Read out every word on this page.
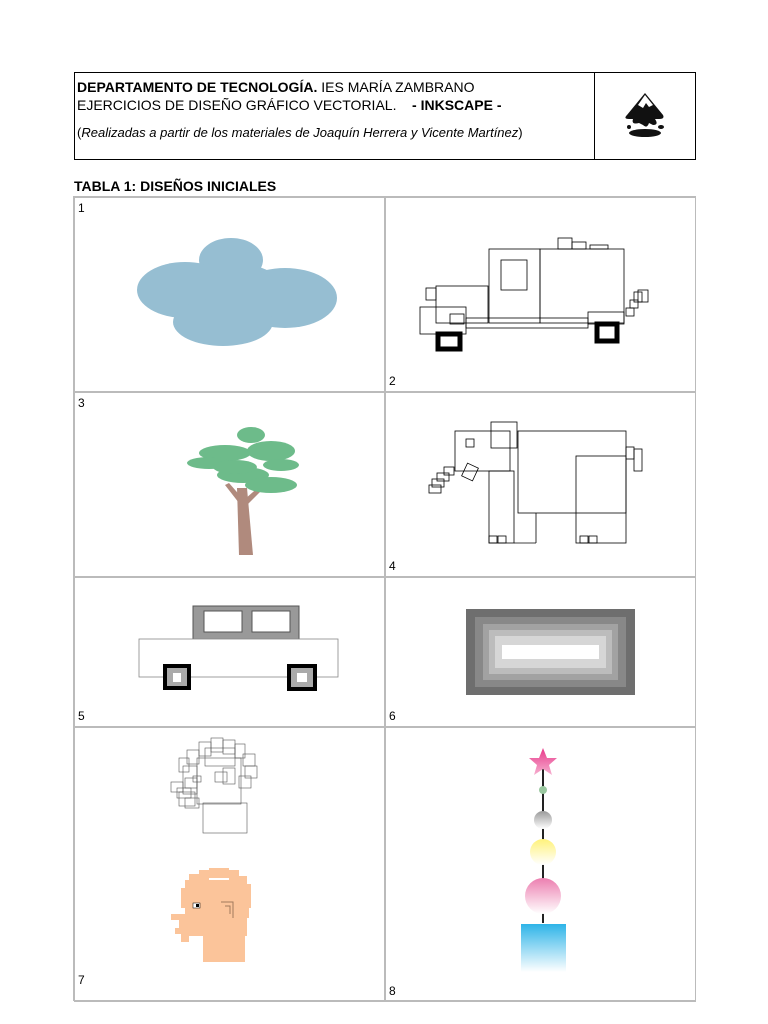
DEPARTAMENTO DE TECNOLOGÍA. IES MARÍA ZAMBRANO
EJERCICIOS DE DISEÑO GRÁFICO VECTORIAL. - INKSCAPE -
(Realizadas a partir de los materiales de Joaquín Herrera y Vicente Martínez)
TABLA 1: DISEÑOS INICIALES
1
2
3
4
5	6
7
8
